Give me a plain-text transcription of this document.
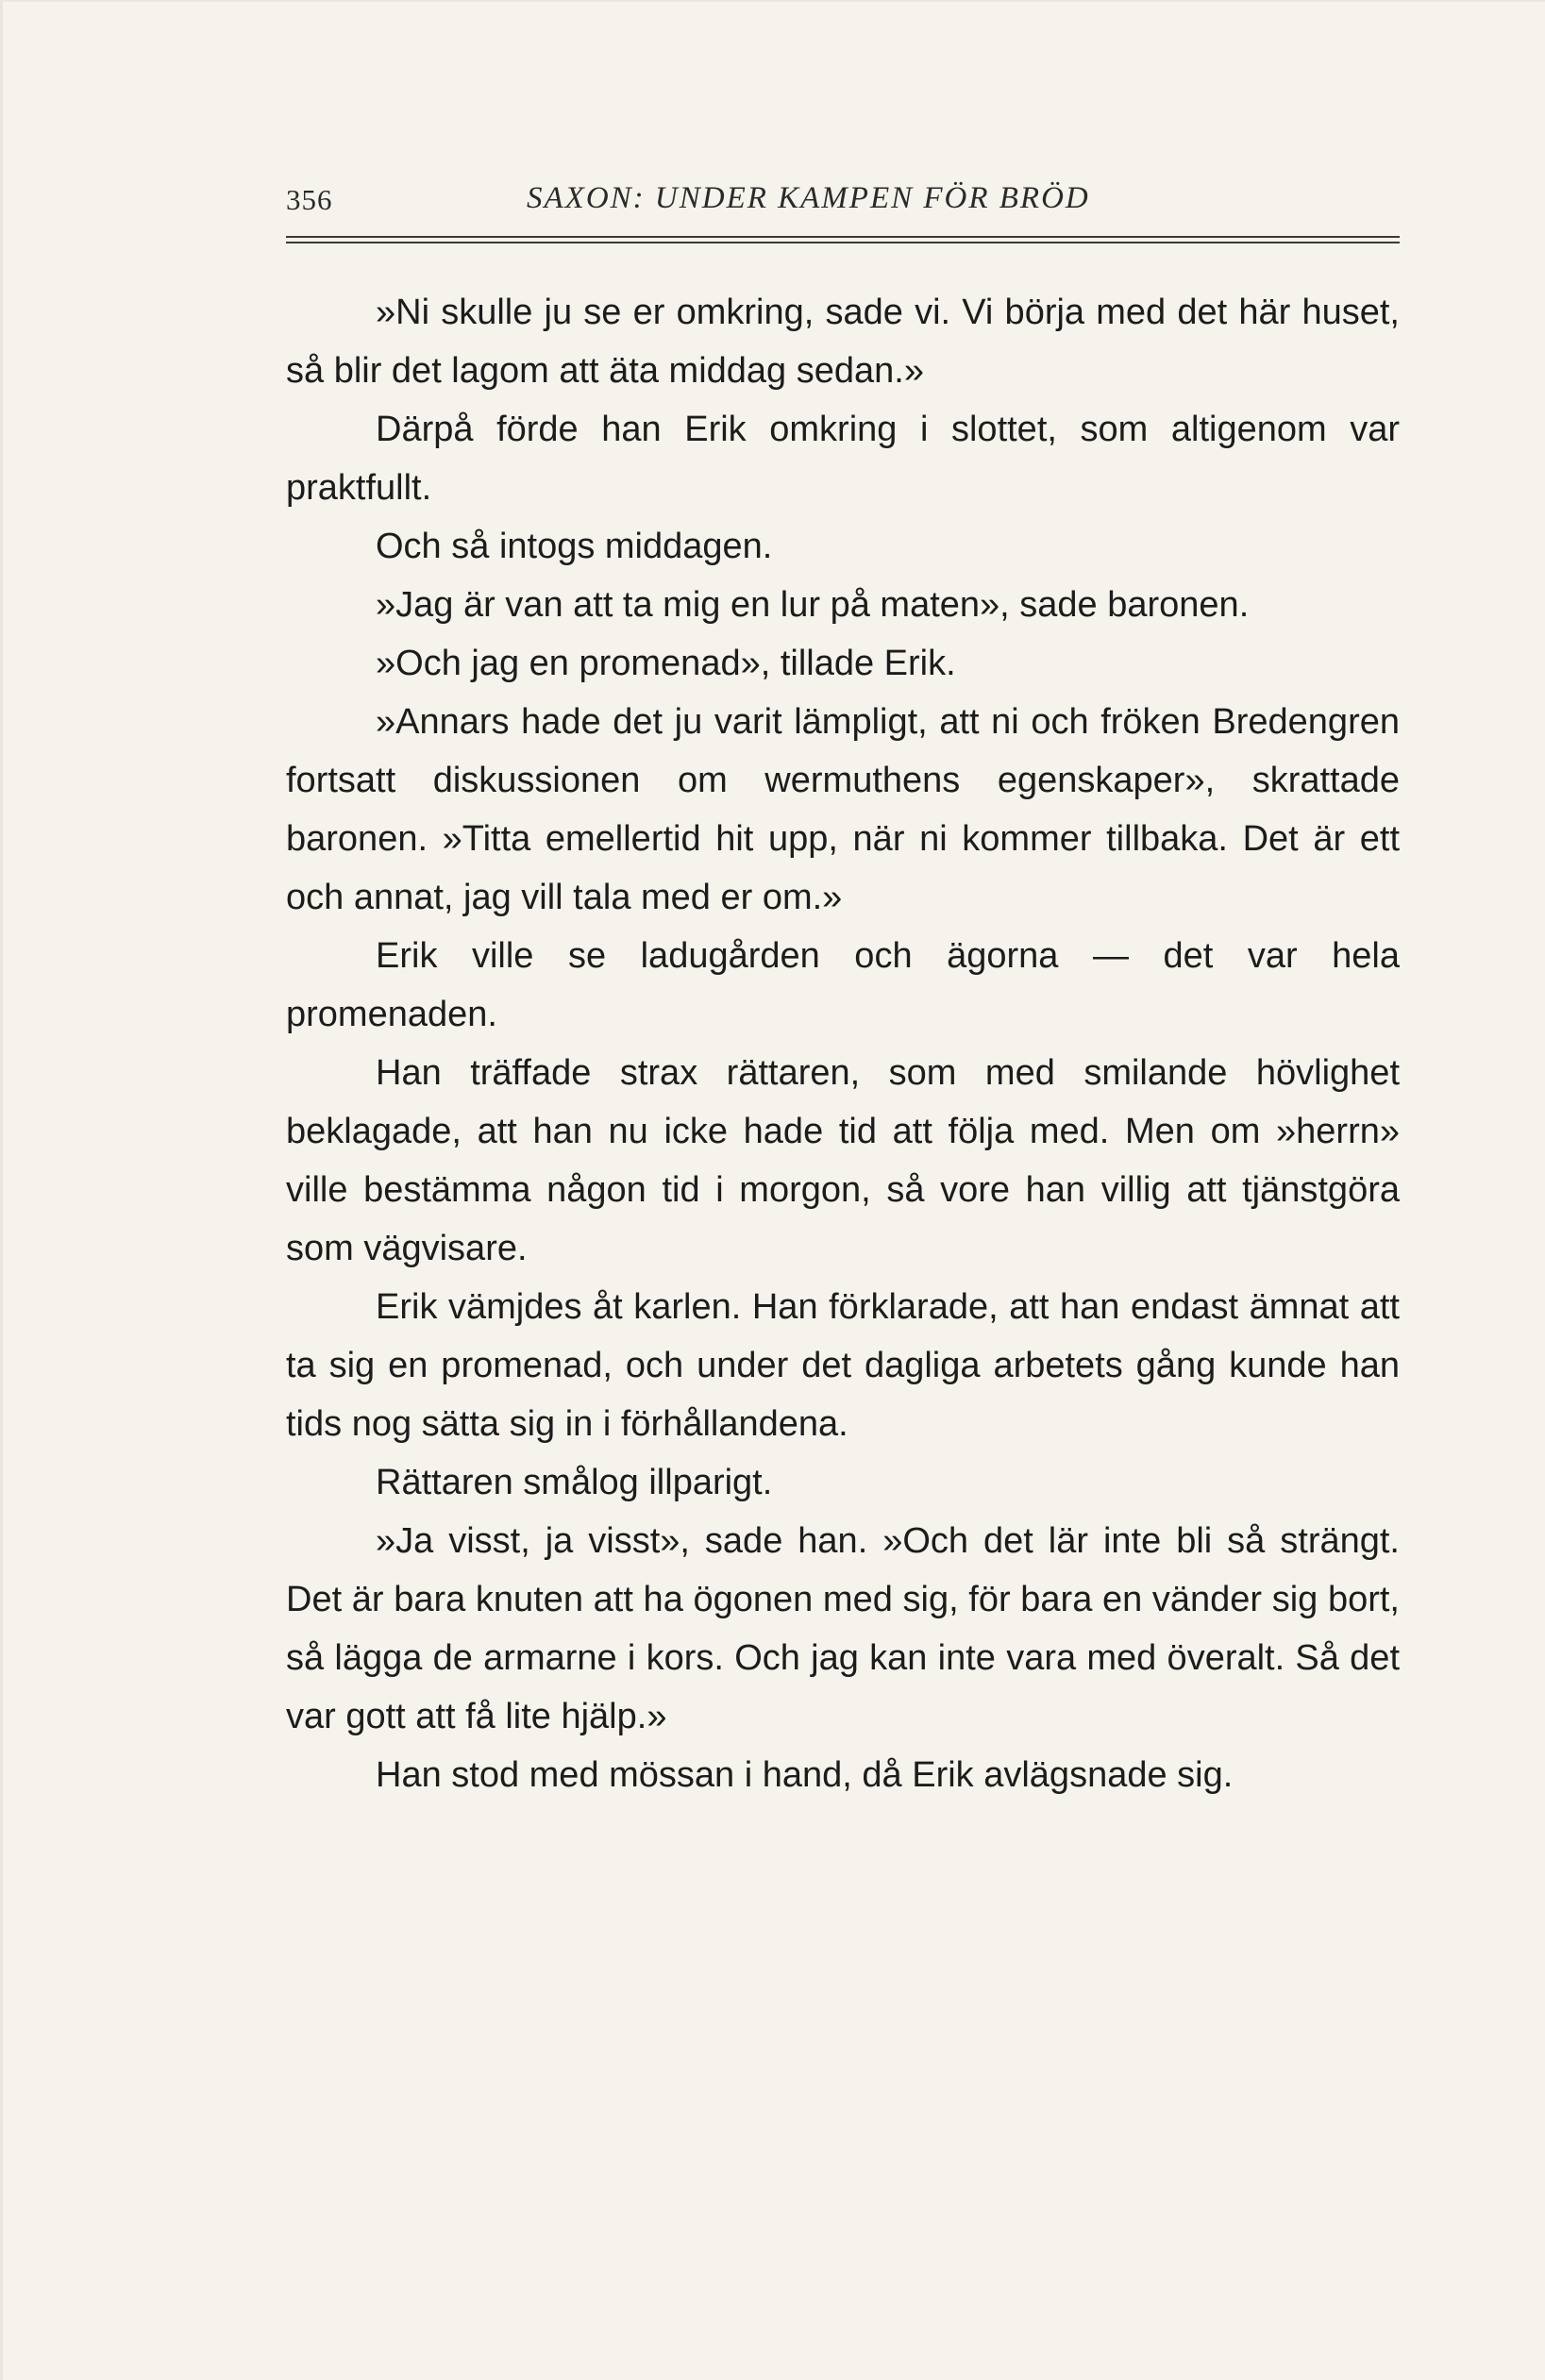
356	SAXON: UNDER KAMPEN FÖR BRÖD

»Ni skulle ju se er omkring, sade vi. Vi börja med det här huset, så blir det lagom att äta middag sedan.»

Därpå förde han Erik omkring i slottet, som altigenom var praktfullt.

Och så intogs middagen.

»Jag är van att ta mig en lur på maten», sade baronen.

»Och jag en promenad», tillade Erik.

»Annars hade det ju varit lämpligt, att ni och fröken Bredengren fortsatt diskussionen om wermuthens egenskaper», skrattade baronen. »Titta emellertid hit upp, när ni kommer tillbaka. Det är ett och annat, jag vill tala med er om.»

Erik ville se ladugården och ägorna — det var hela promenaden.

Han träffade strax rättaren, som med smilande hövlighet beklagade, att han nu icke hade tid att följa med. Men om »herrn» ville bestämma någon tid i morgon, så vore han villig att tjänstgöra som vägvisare.

Erik vämjdes åt karlen. Han förklarade, att han endast ämnat att ta sig en promenad, och under det dagliga arbetets gång kunde han tids nog sätta sig in i förhållandena.

Rättaren smålog illparigt.

»Ja visst, ja visst», sade han. »Och det lär inte bli så strängt. Det är bara knuten att ha ögonen med sig, för bara en vänder sig bort, så lägga de armarne i kors. Och jag kan inte vara med överalt. Så det var gott att få lite hjälp.»

Han stod med mössan i hand, då Erik avlägsnade sig.
